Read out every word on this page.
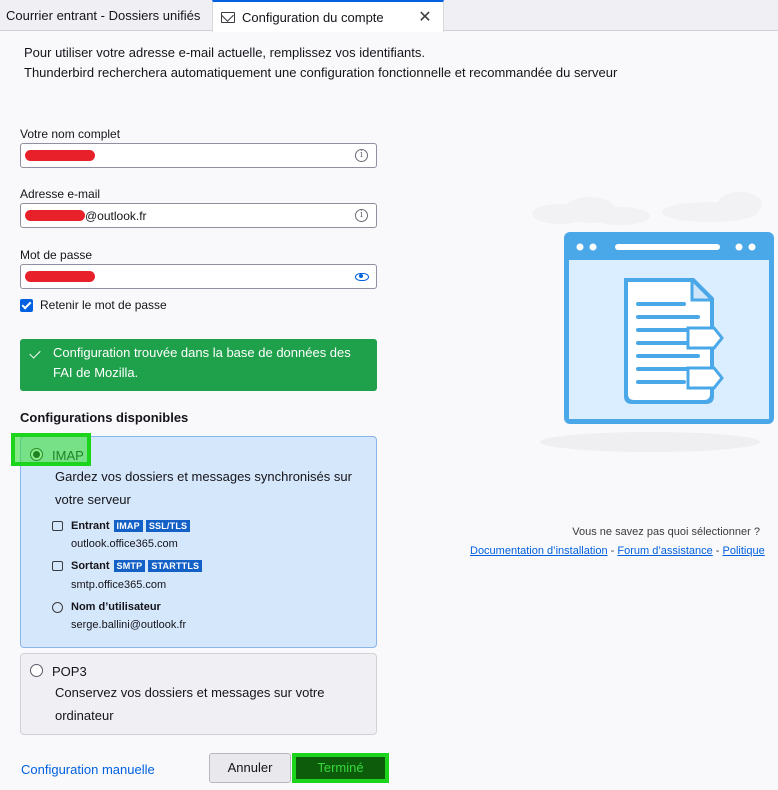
Courrier entrant - Dossiers unifiés	Configuration du compte ✕
Pour utiliser votre adresse e-mail actuelle, remplissez vos identifiants.
Thunderbird recherchera automatiquement une configuration fonctionnelle et recommandée du serveur
Votre nom complet
i
Adresse e-mail
@outlook.fr	i
Mot de passe
Retenir le mot de passe
Configuration trouvée dans la base de données des
FAI de Mozilla.
Configurations disponibles
Gardez vos dossiers et messages synchronisés sur
votre serveur
Entrant IMAP	SSL/TLS
outlook.office365.com
Sortant SMTP	STARTTLS
smtp.office365.com
Nom d’utilisateur
serge.ballini@outlook.fr
POP3
Conservez vos dossiers et messages sur votre
ordinateur
Vous ne savez pas quoi sélectionner ?
Documentation d’installation - Forum d’assistance - Politique
Configuration manuelle	Annuler	Terminé
